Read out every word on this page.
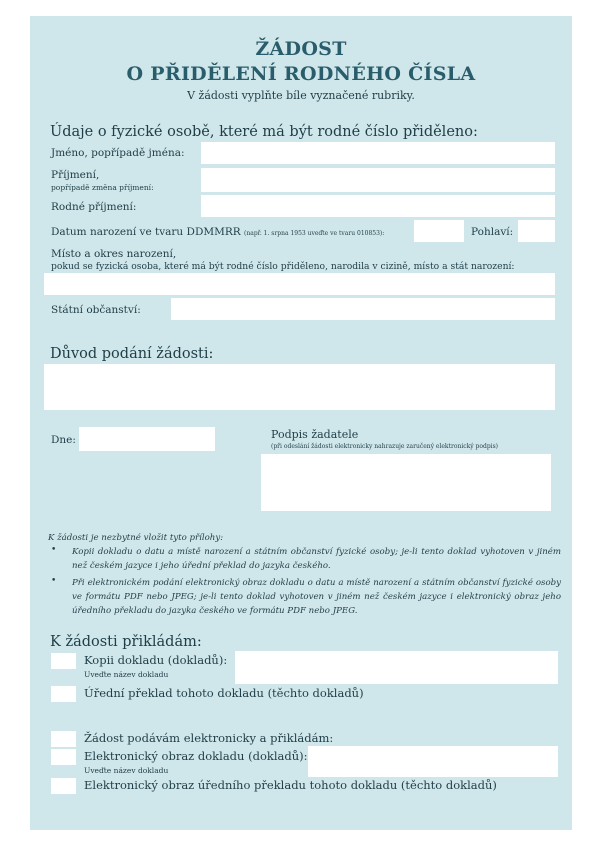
ŽÁDOST
O PŘIDĚLENÍ RODNÉHO ČÍSLA
V žádosti vyplňte bíle vyznačené rubriky.
Údaje o fyzické osobě, které má být rodné číslo přiděleno:
Jméno, popřípadě jména:
Příjmení,
popřípadě změna příjmení:
Rodné příjmení:
Datum narození ve tvaru DDMMRR (např. 1. srpna 1953 uveďte ve tvaru 010853):	Pohlaví:
Místo a okres narození,
pokud se fyzická osoba, které má být rodné číslo přiděleno, narodila v cizině, místo a stát narození:
Státní občanství:
Důvod podání žádosti:
Dne:	Podpis žadatele
(při odeslání žádosti elektronicky nahrazuje zaručený elektronický podpis)
K žádosti je nezbytné vložit tyto přílohy:
• Kopii dokladu o datu a místě narození a státním občanství fyzické osoby; je-li tento doklad vyhotoven v jiném než českém jazyce i jeho úřední překlad do jazyka českého.
• Při elektronickém podání elektronický obraz dokladu o datu a místě narození a státním občanství fyzické osoby ve formátu PDF nebo JPEG; je-li tento doklad vyhotoven v jiném než českém jazyce i elektronický obraz jeho úředního překladu do jazyka českého ve formátu PDF nebo JPEG.
K žádosti přikládám:
Kopii dokladu (dokladů):
Uveďte název dokladu
Úřední překlad tohoto dokladu (těchto dokladů)
Žádost podávám elektronicky a přikládám:
Elektronický obraz dokladu (dokladů):
Uveďte název dokladu
Elektronický obraz úředního překladu tohoto dokladu (těchto dokladů)
